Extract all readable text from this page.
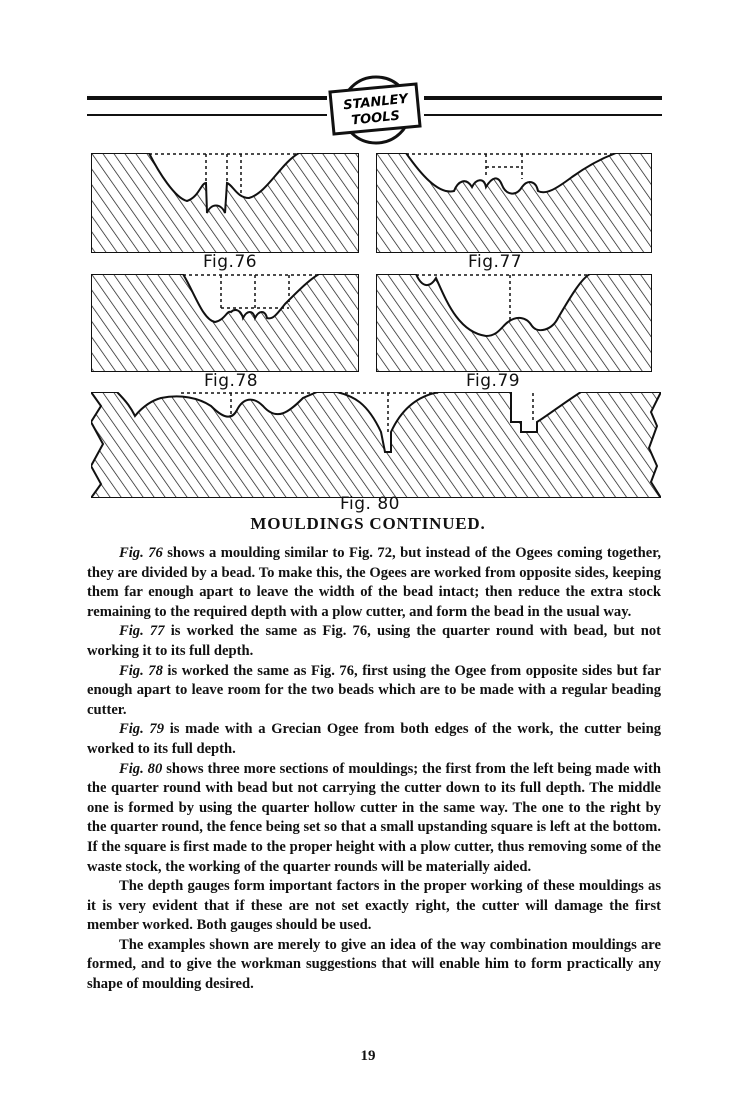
STANLEY
TOOLS
Fig.76	Fig.77
Fig.78	Fig.79
Fig. 80
MOULDINGS CONTINUED.

Fig. 76 shows a moulding similar to Fig. 72, but instead of the Ogees coming together, they are divided by a bead. To make this, the Ogees are worked from opposite sides, keeping them far enough apart to leave the width of the bead intact; then reduce the extra stock remaining to the required depth with a plow cutter, and form the bead in the usual way.

Fig. 77 is worked the same as Fig. 76, using the quarter round with bead, but not working it to its full depth.

Fig. 78 is worked the same as Fig. 76, first using the Ogee from opposite sides but far enough apart to leave room for the two beads which are to be made with a regular beading cutter.

Fig. 79 is made with a Grecian Ogee from both edges of the work, the cutter being worked to its full depth.

Fig. 80 shows three more sections of mouldings; the first from the left being made with the quarter round with bead but not carrying the cutter down to its full depth. The middle one is formed by using the quarter hollow cutter in the same way. The one to the right by the quarter round, the fence being set so that a small upstanding square is left at the bottom. If the square is first made to the proper height with a plow cutter, thus removing some of the waste stock, the working of the quarter rounds will be materially aided.

The depth gauges form important factors in the proper working of these mouldings as it is very evident that if these are not set exactly right, the cutter will damage the first member worked. Both gauges should be used.

The examples shown are merely to give an idea of the way combination mouldings are formed, and to give the workman suggestions that will enable him to form practically any shape of moulding desired.

19
